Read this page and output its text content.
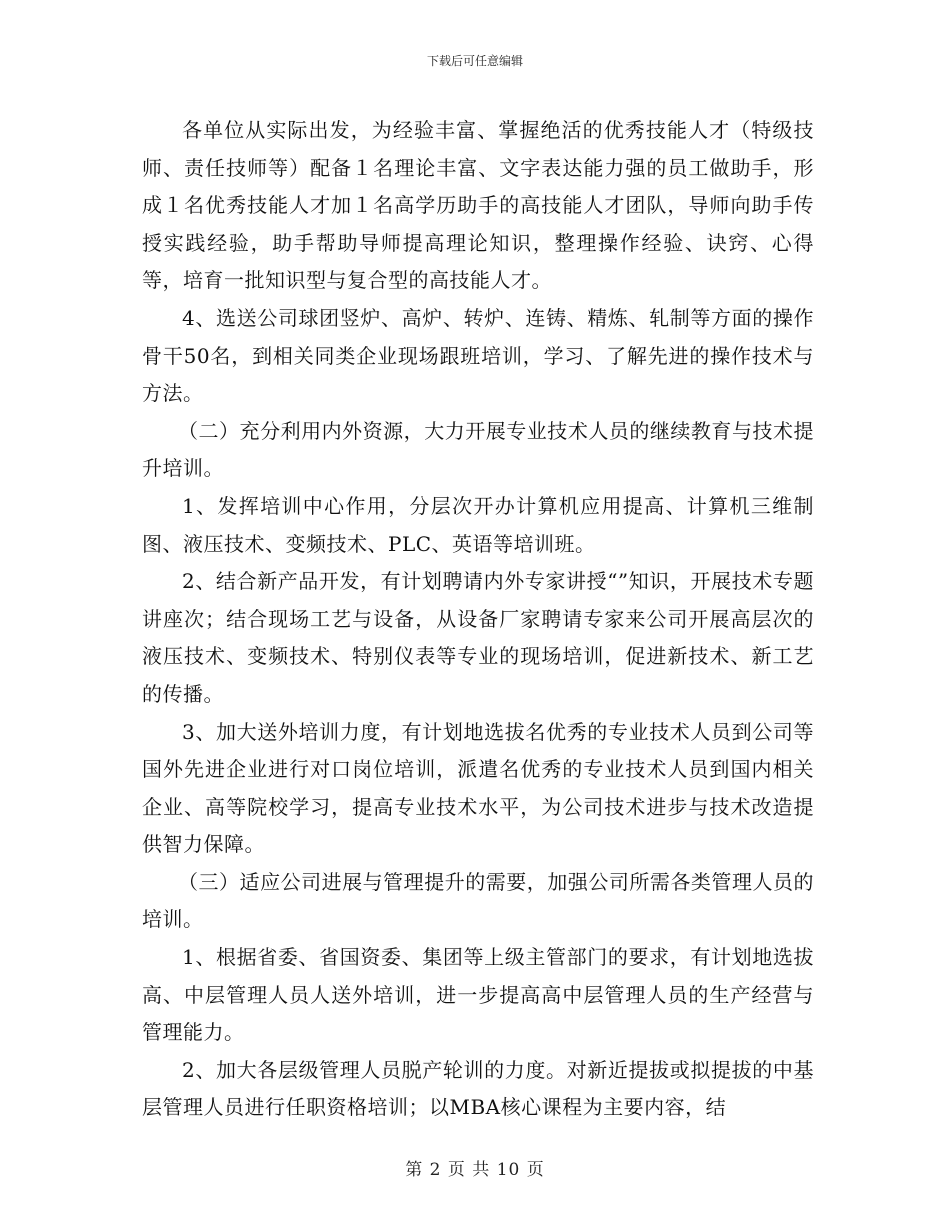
下载后可任意编辑

各单位从实际出发，为经验丰富、掌握绝活的优秀技能人才（特级技师、责任技师等）配备１名理论丰富、文字表达能力强的员工做助手，形成１名优秀技能人才加１名高学历助手的高技能人才团队，导师向助手传授实践经验，助手帮助导师提高理论知识，整理操作经验、诀窍、心得等，培育一批知识型与复合型的高技能人才。

4、选送公司球团竖炉、高炉、转炉、连铸、精炼、轧制等方面的操作骨干50名，到相关同类企业现场跟班培训，学习、了解先进的操作技术与方法。

（二）充分利用内外资源，大力开展专业技术人员的继续教育与技术提升培训。

1、发挥培训中心作用，分层次开办计算机应用提高、计算机三维制图、液压技术、变频技术、PLC、英语等培训班。

2、结合新产品开发，有计划聘请内外专家讲授“”知识，开展技术专题讲座次；结合现场工艺与设备，从设备厂家聘请专家来公司开展高层次的液压技术、变频技术、特别仪表等专业的现场培训，促进新技术、新工艺的传播。

3、加大送外培训力度，有计划地选拔名优秀的专业技术人员到公司等国外先进企业进行对口岗位培训，派遣名优秀的专业技术人员到国内相关企业、高等院校学习，提高专业技术水平，为公司技术进步与技术改造提供智力保障。

（三）适应公司进展与管理提升的需要，加强公司所需各类管理人员的培训。

1、根据省委、省国资委、集团等上级主管部门的要求，有计划地选拔高、中层管理人员人送外培训，进一步提高高中层管理人员的生产经营与管理能力。

2、加大各层级管理人员脱产轮训的力度。对新近提拔或拟提拔的中基层管理人员进行任职资格培训；以MBA核心课程为主要内容，结

第 2 页 共 10 页
